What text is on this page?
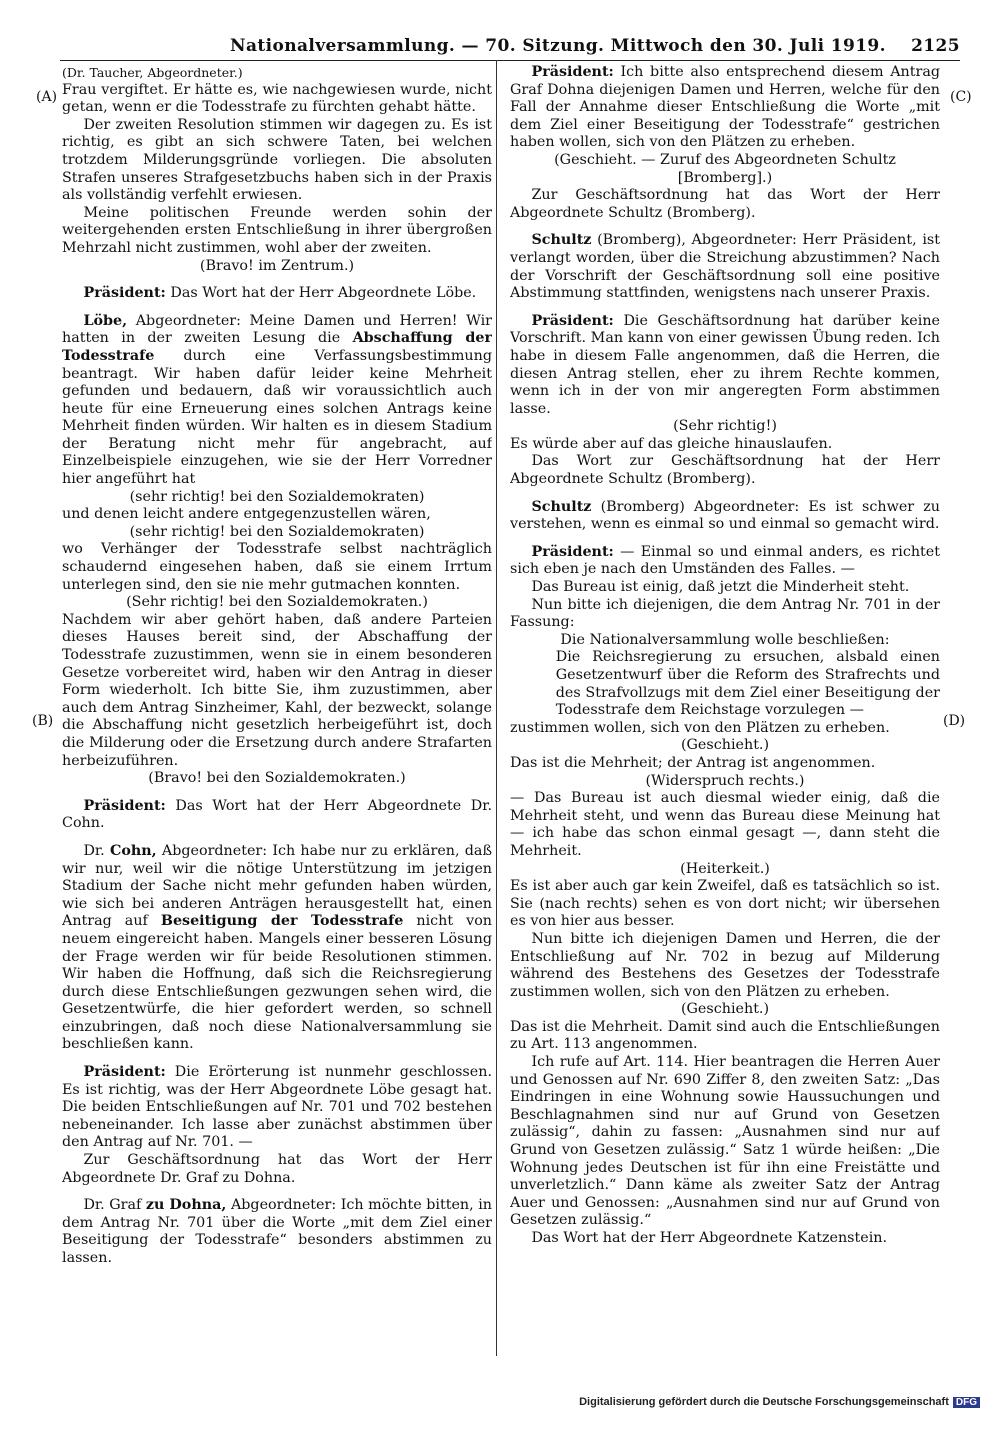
Nationalversammlung. — 70. Sitzung. Mittwoch den 30. Juli 1919. 2125
(A)
(B)
(C)
(D)

(Dr. Taucher, Abgeordneter.)

Frau vergiftet. Er hätte es, wie nachgewiesen wurde, nicht getan, wenn er die Todesstrafe zu fürchten gehabt hätte.

Der zweiten Resolution stimmen wir dagegen zu. Es ist richtig, es gibt an sich schwere Taten, bei welchen trotzdem Milderungsgründe vorliegen. Die absoluten Strafen unseres Strafgesetzbuchs haben sich in der Praxis als vollständig verfehlt erwiesen.

Meine politischen Freunde werden sohin der weitergehenden ersten Entschließung in ihrer übergroßen Mehrzahl nicht zustimmen, wohl aber der zweiten.

(Bravo! im Zentrum.)

Präsident: Das Wort hat der Herr Abgeordnete Löbe.

Löbe, Abgeordneter: Meine Damen und Herren! Wir hatten in der zweiten Lesung die Abschaffung der Todesstrafe durch eine Verfassungsbestimmung beantragt. Wir haben dafür leider keine Mehrheit gefunden und bedauern, daß wir voraussichtlich auch heute für eine Erneuerung eines solchen Antrags keine Mehrheit finden würden. Wir halten es in diesem Stadium der Beratung nicht mehr für angebracht, auf Einzelbeispiele einzugehen, wie sie der Herr Vorredner hier angeführt hat

(sehr richtig! bei den Sozialdemokraten)

und denen leicht andere entgegenzustellen wären,

(sehr richtig! bei den Sozialdemokraten)

wo Verhänger der Todesstrafe selbst nachträglich schaudernd eingesehen haben, daß sie einem Irrtum unterlegen sind, den sie nie mehr gutmachen konnten.

(Sehr richtig! bei den Sozialdemokraten.)

Nachdem wir aber gehört haben, daß andere Parteien dieses Hauses bereit sind, der Abschaffung der Todesstrafe zuzustimmen, wenn sie in einem besonderen Gesetze vorbereitet wird, haben wir den Antrag in dieser Form wiederholt. Ich bitte Sie, ihm zuzustimmen, aber auch dem Antrag Sinzheimer, Kahl, der bezweckt, solange die Abschaffung nicht gesetzlich herbeigeführt ist, doch die Milderung oder die Ersetzung durch andere Strafarten herbeizuführen.

(Bravo! bei den Sozialdemokraten.)

Präsident: Das Wort hat der Herr Abgeordnete Dr. Cohn.

Dr. Cohn, Abgeordneter: Ich habe nur zu erklären, daß wir nur, weil wir die nötige Unterstützung im jetzigen Stadium der Sache nicht mehr gefunden haben würden, wie sich bei anderen Anträgen herausgestellt hat, einen Antrag auf Beseitigung der Todesstrafe nicht von neuem eingereicht haben. Mangels einer besseren Lösung der Frage werden wir für beide Resolutionen stimmen. Wir haben die Hoffnung, daß sich die Reichsregierung durch diese Entschließungen gezwungen sehen wird, die Gesetzentwürfe, die hier gefordert werden, so schnell einzubringen, daß noch diese Nationalversammlung sie beschließen kann.

Präsident: Die Erörterung ist nunmehr geschlossen. Es ist richtig, was der Herr Abgeordnete Löbe gesagt hat. Die beiden Entschließungen auf Nr. 701 und 702 bestehen nebeneinander. Ich lasse aber zunächst abstimmen über den Antrag auf Nr. 701. —

Zur Geschäftsordnung hat das Wort der Herr Abgeordnete Dr. Graf zu Dohna.

Dr. Graf zu Dohna, Abgeordneter: Ich möchte bitten, in dem Antrag Nr. 701 über die Worte „mit dem Ziel einer Beseitigung der Todesstrafe“ besonders abstimmen zu lassen.

Präsident: Ich bitte also entsprechend diesem Antrag Graf Dohna diejenigen Damen und Herren, welche für den Fall der Annahme dieser Entschließung die Worte „mit dem Ziel einer Beseitigung der Todesstrafe“ gestrichen haben wollen, sich von den Plätzen zu erheben.

(Geschieht. — Zuruf des Abgeordneten Schultz [Bromberg].)

Zur Geschäftsordnung hat das Wort der Herr Abgeordnete Schultz (Bromberg).

Schultz (Bromberg), Abgeordneter: Herr Präsident, ist verlangt worden, über die Streichung abzustimmen? Nach der Vorschrift der Geschäftsordnung soll eine positive Abstimmung stattfinden, wenigstens nach unserer Praxis.

Präsident: Die Geschäftsordnung hat darüber keine Vorschrift. Man kann von einer gewissen Übung reden. Ich habe in diesem Falle angenommen, daß die Herren, die diesen Antrag stellen, eher zu ihrem Rechte kommen, wenn ich in der von mir angeregten Form abstimmen lasse.

(Sehr richtig!)

Es würde aber auf das gleiche hinauslaufen.

Das Wort zur Geschäftsordnung hat der Herr Abgeordnete Schultz (Bromberg).

Schultz (Bromberg) Abgeordneter: Es ist schwer zu verstehen, wenn es einmal so und einmal so gemacht wird.

Präsident: — Einmal so und einmal anders, es richtet sich eben je nach den Umständen des Falles. —

Das Bureau ist einig, daß jetzt die Minderheit steht.

Nun bitte ich diejenigen, die dem Antrag Nr. 701 in der Fassung:

Die Nationalversammlung wolle beschließen:

Die Reichsregierung zu ersuchen, alsbald einen Gesetzentwurf über die Reform des Strafrechts und des Strafvollzugs mit dem Ziel einer Beseitigung der Todesstrafe dem Reichstage vorzulegen —

zustimmen wollen, sich von den Plätzen zu erheben.

(Geschieht.)

Das ist die Mehrheit; der Antrag ist angenommen.

(Widerspruch rechts.)

— Das Bureau ist auch diesmal wieder einig, daß die Mehrheit steht, und wenn das Bureau diese Meinung hat — ich habe das schon einmal gesagt —, dann steht die Mehrheit.

(Heiterkeit.)

Es ist aber auch gar kein Zweifel, daß es tatsächlich so ist. Sie (nach rechts) sehen es von dort nicht; wir übersehen es von hier aus besser.

Nun bitte ich diejenigen Damen und Herren, die der Entschließung auf Nr. 702 in bezug auf Milderung während des Bestehens des Gesetzes der Todesstrafe zustimmen wollen, sich von den Plätzen zu erheben.

(Geschieht.)

Das ist die Mehrheit. Damit sind auch die Entschließungen zu Art. 113 angenommen.

Ich rufe auf Art. 114. Hier beantragen die Herren Auer und Genossen auf Nr. 690 Ziffer 8, den zweiten Satz: „Das Eindringen in eine Wohnung sowie Haussuchungen und Beschlagnahmen sind nur auf Grund von Gesetzen zulässig“, dahin zu fassen: „Ausnahmen sind nur auf Grund von Gesetzen zulässig.“ Satz 1 würde heißen: „Die Wohnung jedes Deutschen ist für ihn eine Freistätte und unverletzlich.“ Dann käme als zweiter Satz der Antrag Auer und Genossen: „Ausnahmen sind nur auf Grund von Gesetzen zulässig.“

Das Wort hat der Herr Abgeordnete Katzenstein.

Digitalisierung gefördert durch die Deutsche Forschungsgemeinschaft DFG
